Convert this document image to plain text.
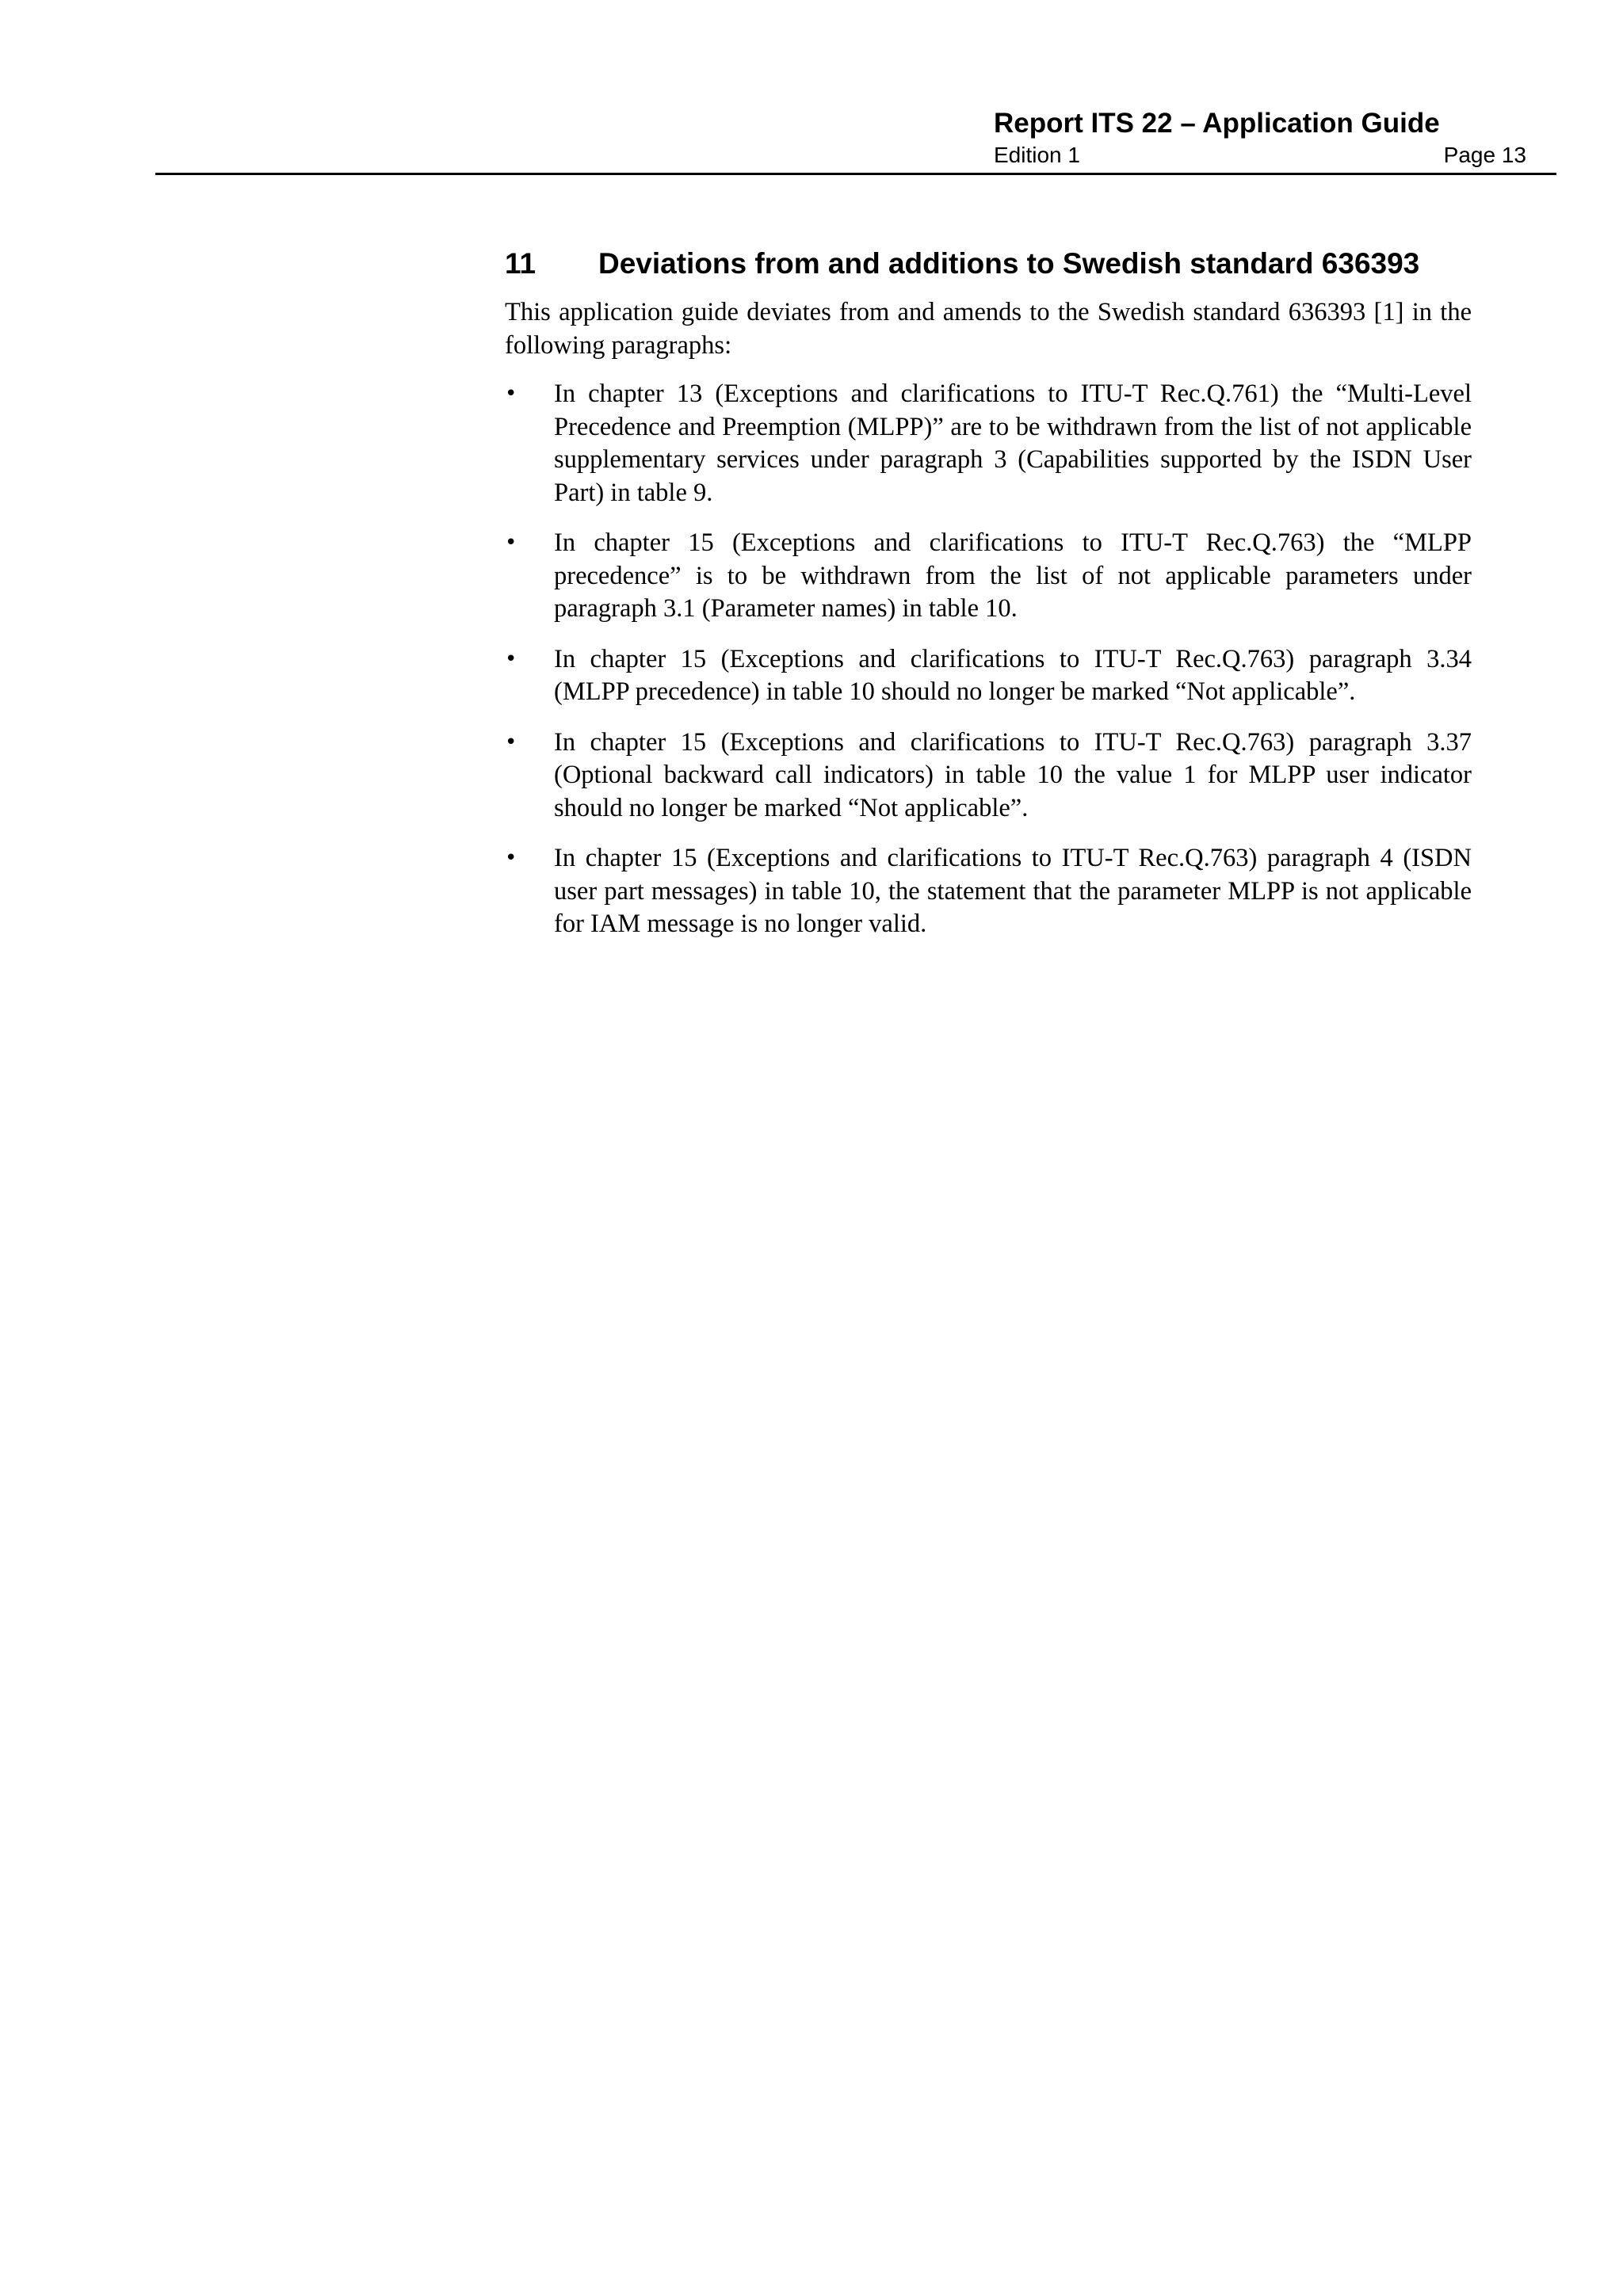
Report ITS 22 – Application Guide
Edition 1	Page 13
11 Deviations from and additions to Swedish standard 636393

This application guide deviates from and amends to the Swedish standard 636393 [1] in the following paragraphs:

• In chapter 13 (Exceptions and clarifications to ITU-T Rec.Q.761) the “Multi-Level Precedence and Preemption (MLPP)” are to be withdrawn from the list of not applicable supplementary services under paragraph 3 (Capabilities supported by the ISDN User Part) in table 9.
• In chapter 15 (Exceptions and clarifications to ITU-T Rec.Q.763) the “MLPP precedence” is to be withdrawn from the list of not applicable parameters under paragraph 3.1 (Parameter names) in table 10.
• In chapter 15 (Exceptions and clarifications to ITU-T Rec.Q.763) paragraph 3.34 (MLPP precedence) in table 10 should no longer be marked “Not applicable”.
• In chapter 15 (Exceptions and clarifications to ITU-T Rec.Q.763) paragraph 3.37 (Optional backward call indicators) in table 10 the value 1 for MLPP user indicator should no longer be marked “Not applicable”.
• In chapter 15 (Exceptions and clarifications to ITU-T Rec.Q.763) paragraph 4 (ISDN user part messages) in table 10, the statement that the parameter MLPP is not applicable for IAM message is no longer valid.
